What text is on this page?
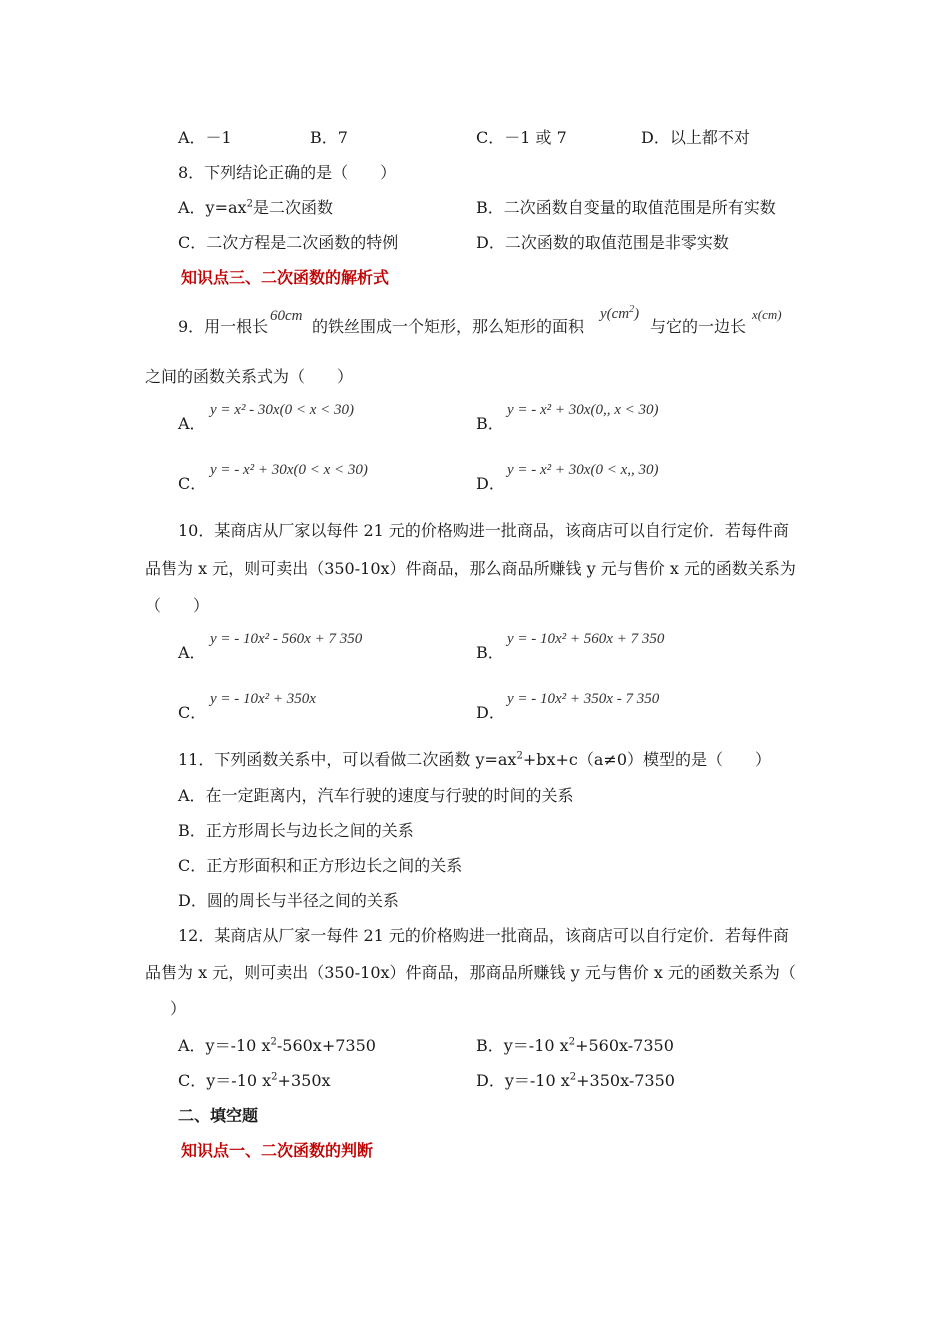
A．－1	B．7	C．－1 或 7	D．以上都不对
8．下列结论正确的是（　　）
A．$y=ax^2$是二次函数	B．二次函数自变量的取值范围是所有实数
C．二次方程是二次函数的特例	D．二次函数的取值范围是非零实数
知识点三、二次函数的解析式
9．用一根长
60cm
的铁丝围成一个矩形，那么矩形的面积
$y(cm^2)$
与它的一边长
x(cm)
之间的函数关系式为（　　）
A．
y = x² - 30x(0 < x < 30)
B．
y = - x² + 30x(0,, x < 30)
C．
y = - x² + 30x(0 < x < 30)
D．
y = - x² + 30x(0 < x,, 30)
10．某商店从厂家以每件 21 元的价格购进一批商品，该商店可以自行定价．若每件商
品售为 x 元，则可卖出（350-10x）件商品，那么商品所赚钱 y 元与售价 x 元的函数关系为
（　　）
A．
y = - 10x² - 560x + 7 350
B．
y = - 10x² + 560x + 7 350
C．
y = - 10x² + 350x
D．
y = - 10x² + 350x - 7 350
11．下列函数关系中，可以看做二次函数 $y=ax^2+bx+c(a\ne 0)$模型的是（　　）
A．在一定距离内，汽车行驶的速度与行驶的时间的关系
B．正方形周长与边长之间的关系
C．正方形面积和正方形边长之间的关系
D．圆的周长与半径之间的关系
12．某商店从厂家一每件 21 元的价格购进一批商品，该商店可以自行定价．若每件商
品售为 x 元，则可卖出（350-10x）件商品，那商品所赚钱 y 元与售价 x 元的函数关系为（
）
A．y＝-10 $x^2-560x+7350$	B．y＝-10 $x^2+560x-7350$
C．y＝-10 $x^2+350x$	D．y＝-10 $x^2+350x-7350$
二、填空题
知识点一、二次函数的判断
